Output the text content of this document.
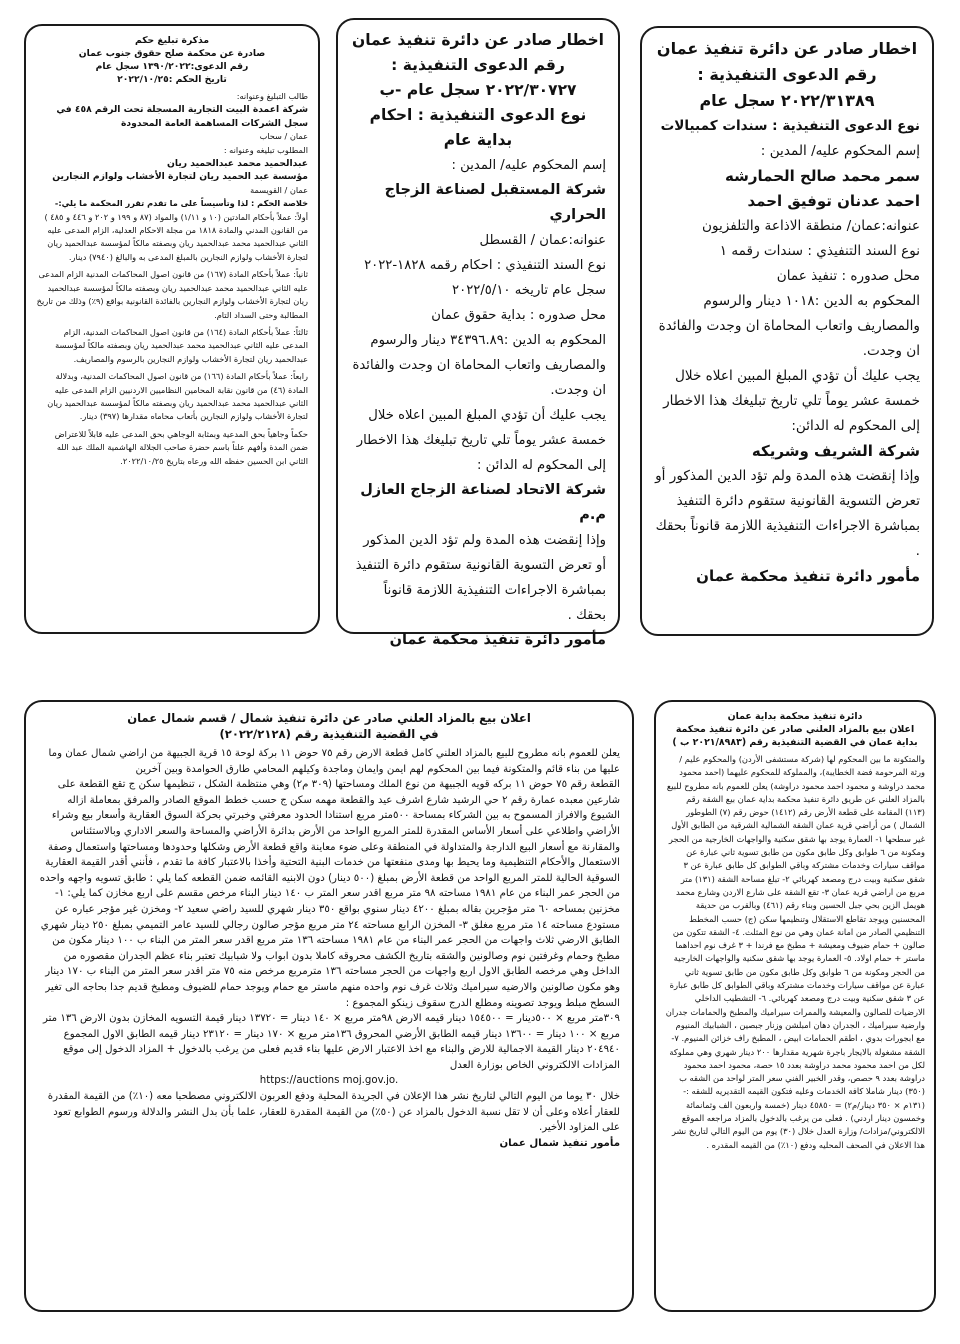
اخطار صادر عن دائرة تنفيذ عمان

رقم الدعوى التنفيذية :

٢٠٢٢/٣١٣٨٩ سجل عام

نوع الدعوى التنفيذية : سندات كمبيالات

إسم المحكوم عليه/ المدين :

سمر محمد صالح الحمارشه

احمد عدنان توفيق احمد

عنوانه:عمان/ منطقة الاذاعة والتلفزيون

نوع السند التنفيذي : سندات رقمه ١

محل صدوره : تنفيذ عمان

المحكوم به الدين :١٠١٨ دينار والرسوم والمصاريف واتعاب المحاماة ان وجدت والفائدة ان وجدت.

يجب عليك أن تؤدي المبلغ المبين اعلاه خلال خمسة عشر يوماً تلي تاريخ تبليغك هذا الاخطار إلى المحكوم له الدائن:

شركة الشريف وشريكه

وإذا إنقضت هذه المدة ولم تؤد الدين المذكور أو تعرض التسوية القانونية ستقوم دائرة التنفيذ بمباشرة الاجراءات التنفيذية اللازمة قانوناً بحقك .

مأمور دائرة تنفيذ محكمة عمان

اخطار صادر عن دائرة تنفيذ عمان

رقم الدعوى التنفيذية :

٢٠٢٢/٣٠٧٢٧ سجل عام -ب

نوع الدعوى التنفيذية : احكام بداية عام

إسم المحكوم عليه/ المدين :

شركة المستقبل لصناعة الزجاج الحراري

عنوانه:عمان / القسطل

نوع السند التنفيذي : احكام رقمه ١٨٢٨-٢٠٢٢ سجل عام تاريخه ٢٠٢٢/٥/١٠

محل صدوره : بداية حقوق عمان

المحكوم به الدين :٣٤٣٩٦.٨٩ دينار والرسوم والمصاريف واتعاب المحاماة ان وجدت والفائدة ان وجدت.

يجب عليك أن تؤدي المبلغ المبين اعلاه خلال خمسة عشر يوماً تلي تاريخ تبليغك هذا الاخطار إلى المحكوم له الدائن :

شركة الاتحاد لصناعة الزجاج العازل م.م

وإذا إنقضت هذه المدة ولم تؤد الدين المذكور أو تعرض التسوية القانونية ستقوم دائرة التنفيذ بمباشرة الاجراءات التنفيذية اللازمة قانوناً بحقك .

مأمور دائرة تنفيذ محكمة عمان

مذكرة تبليغ حكم

صادرة عن محكمة صلح حقوق جنوب عمان

رقم الدعوى:١٣٩٠/٢٠٢٢ سجل عام

تاريخ الحكم :٢٠٢٢/١٠/٢٥

طالب التبليغ وعنوانه:

شركة اعمدة البيت التجارية المسجلة تحت الرقم ٤٥٨ في سجل الشركات المساهمة العامة المحدودة

عمان / سحاب

المطلوب تبليغه وعنوانه :

عبدالحميد محمد عبدالحميد ريان

مؤسسة عبد الحميد ريان لتجارة الأخشاب ولوازم النجارين

عمان / القويسمة

خلاصة الحكم : لذا وتأسيساً على ما تقدم تقرر المحكمة ما يلي:-

أولاً: عملاً بأحكام المادتين (١٠ و ١/١١) والمواد (٨٧ و ١٩٩ و ٢٠٢ و ٤٤٦ و ٤٨٥ ) من القانون المدني والمادة ١٨١٨ من مجلة الاحكام العدلية، الزام المدعى عليه الثاني عبدالحميد محمد عبدالحميد ريان وبصفته مالكاً لمؤسسة عبدالحميد ريان لتجارة الأخشاب ولوازم النجارين بالمبلغ المدعى به والبالغ (٧٩٤٠) دينار.

ثانياً: عملاً بأحكام المادة (١٦٧) من قانون اصول المحاكمات المدنية الزام المدعى عليه الثاني عبدالحميد محمد عبدالحميد ريان وبصفته مالكاً لمؤسسة عبدالحميد ريان لتجارة الأخشاب ولوازم النجارين بالفائدة القانونية بواقع (٩٪) وذلك من تاريخ المطالبة وحتى السداد التام.

ثالثاً: عملاً بأحكام المادة (١٦٤) من قانون اصول المحاكمات المدنية، الزام المدعى عليه الثاني عبدالحميد محمد عبدالحميد ريان وبصفته مالكاً لمؤسسة عبدالحميد ريان لتجارة الأخشاب ولوازم النجارين بالرسوم والمصاريف.

رابعاً: عملاً بأحكام المادة (١٦٦) من قانون اصول المحاكمات المدنية، وبدلالة المادة (٤٦) من قانون نقابة المحامين النظاميين الاردنيين الزام المدعى عليه الثاني عبدالحميد محمد عبدالحميد ريان وبصفته مالكاً لمؤسسة عبدالحميد ريان لتجارة الأخشاب ولوازم النجارين بأتعاب محاماه مقدارها (٣٩٧) دينار.

حكماً وجاهياً بحق المدعية وبمثابة الوجاهي بحق المدعى عليه قابلاً للاعتراض ضمن المدة وأفهم علناً باسم حضرة صاحب الجلالة الهاشمية الملك عبد الله الثاني ابن الحسين حفظه الله ورعاه بتاريخ ٢٠٢٢/١٠/٢٥.

دائرة تنفيذ محكمة بداية عمان

اعلان بيع بالمزاد العلني صادر عن دائرة تنفيذ محكمة بداية عمان في القضية التنفيذية رقم (٢٠٢١/٨٩٨٣ ب )

والمتكونة ما بين المحكوم لها (شركة مستشفى الأردن) والمحكوم عليم /ورثة المرحومة فضة الخطايبة)، والمملوكة للمحكوم عليهما (احمد محمود محمد دراوشة و محمود احمد محمود دراوشة) يعلن للعموم بانه مطروح للبيع بالمزاد العلني عن طريق دائرة تنفيذ محكمة بداية عمان بيع الشقة رقم (١١٣) المقامة على قطعة الأرض رقم (١٤١٢) حوض رقم (٧) الطوطور الشمال ) من أراضي قرية عمان الشقة الشمالية الشرقية من الطابق الأول غير سطحها ١- العمارة يوجد بها شقق سكنية والواجهات الخارجية من الحجر ومكونة من ٦ طوابق وكل طابق مكون من طابق تسوية ثاني عبارة عن مواقف سيارات وخدمات مشتركة وباقي الطوابق كل طابق عبارة عن ٣ شقق سكنية وبيت درج ومصعد كهربائي ٢- تبلغ مساحة الشقة (١٣١) متر مربع من اراضي قرية عمان ٣- تقع الشقة على شارع الاردن وشارع محمد هويمل الزين بحي جبل الحسين وبناء رقم (٤٦١) وبالقرب من حديقة المحسنين ويوجد تقاطع الاستقلال وتنظيمها سكن (ج) حسب المخطط التنظيمي الصادر من امانة عمان وهي من نوع المثلث. ٤- الشقة تتكون من صالون + حمام ضيوف ومعيشة + مطبخ مع فرندا + ٣ غرف نوم احداهما ماستر + حمام اولاد. ٥- العمارة يوجد بها شقق سكنية والواجهات الخارجية من الحجر ومكونة من ٦ طوابق وكل طابق مكون من طابق تسوية ثاني عبارة عن مواقف سيارات وخدمات مشتركة وباقي الطوابق كل طابق عبارة عن ٣ شقق سكنية وبيت درج ومصعد كهربائي. ٦- التشطيب الداخلي الارضيات للصالون والمعيشة والممرات سيراميك والمطبخ والحمامات جدران وارضية سيراميك ، الجدران دهان امبلشن وزنار جبصين ، الشبابيك المنيوم مع ابجورات بدوي ، اطقم الحمامات ابيض ، المطبخ راف خزائن المنيوم. ٧- الشقة مشغولة بالايجار باجرة شهرية مقدارها ٢٠٠ دينار شهري وهي مملوكة لكل من احمد محمود محمد دراوشة بعدد ١٥ حصة، محمود احمد محمود دراوشة بعدد ٩ حصص، وقدر الخبير الفني سعر المتر لواحد من الشقه ب (٣٥٠) دينار شاملا كافة الخدمات وعليه فتكون القيمه التقديريه للشقه :- (١٣١م × ٣٥٠ دينار/م٢) = ٤٥٨٥٠ دينار (خمسة واربعون الف وثمانمائة وخمسون دينار اردني) . فعلى من يرغب بالدخول بالمزاد مراجعه الموقع الالكتروني/مزادات/ وزارة العدل خلال (٣٠) يوم من اليوم التالي لتاريخ نشر هذا الاعلان في الصحف المحليه ودفع (١٠٪) من القيمه المقدره .

اعلان بيع بالمزاد العلني صادر عن دائرة تنفيذ شمال / قسم شمال عمان

في القضية التنفيذية رقم (٢٠٢٢/٢١٢٨)

يعلن للعموم بانه مطروح للبيع بالمزاد العلني كامل قطعة الارض رقم ٧٥ حوض ١١ بركة لوحة ١٥ قرية الجبيهة من اراضي شمال عمان وما عليها من بناء قائم والمتكونة فيما بين المحكوم لهم ايمن وايمان وماجدة وكيلهم المحامي طارق الحوامدة وبين آخرين

القطعة رقم ٧٥ حوض ١١ بركه قويه الجبيهة من نوع الملك ومساحتها (٣٠٩ م٢) وهي منتظمة الشكل ، تنظيمها سكن ج تقع القطعة على شارعين معبده عمارة رقم ٢ حي الرشيد شارع اشرف عيد والقطعة مهمه سكن ج حسب خطط الموقع الصادر والمرفق بمعاملة ازاله الشيوع والافراز المسموح به بين الشركاء بمساحة ٥٠٠متر مربع استنادا الحدود معرفتي وخبرتي بحركة السوق العقارية وأسعار بيع وشراء الأراضي واطلاعي على أسعار الأساس المقدرة للمتر المربع الواحد من الأرض بدائرة الأراضي والمساحة والسعر الاداري وبالاستئناس والمقارنة مع أسعار البيع الدارجة والمتداولة في المنطقة وعلى ضوء معاينة واقع قطعة الأرض وشكلها وحدودها ومساحتها واستعمال وصفة الاستعمال والأحكام التنظيمية وما يحيط بها ومدى منفعتها من خدمات البنية التحتية وأخذا بالاعتبار كافة ما تقدم ، فأنني أقدر القيمة العقارية السوقية الحالية للمتر المربع الواحد من قطعة الأرض بمبلغ (٥٠٠ دينار) دون الابنيه القائمه ضمن القطعه كما يلي : طابق تسويه واجهه واحده من الحجر عمر البناء من عام ١٩٨١ مساحته ٩٨ متر مربع اقدر سعر المتر ب ١٤٠ دينار البناء مرخص مقسم على اربع مخازن كما يلي: ١- مخزنين بمساحه ٦٠ متر مؤجرين بقاله بمبلغ ٤٢٠٠ دينار سنوي بواقع ٣٥٠ دينار شهري للسيد راضي سعيد ٢- ومخزن غير مؤجر عباره عن مستودع مساحته ١٤ متر مربع مغلق ٣- المخزن الرابع مساحته ٢٤ متر مربع مؤجر صالون رجالي للسيد عامر التميمي بمبلغ ٢٥٠ دينار شهري الطابق الارضي ثلاث واجهات من الحجر عمر البناء من عام ١٩٨١ مساحته ١٣٦ متر مربع اقدر سعر المتر من البناء ب ١٠٠ دينار مكون من مطبخ وحمام وغرفتين نوم وصالونين والشقه بتاريخ الكشف محروقه كاملا بدون ابواب ولا شبابيك تعتبر بناء عظم الجدران مقصوره من الداخل وهي مرخصه الطابق الاول اربع واجهات من الحجر مساحته ١٣٦ مترمربع مرخص منه ٧٥ متر اقدر سعر المتر من البناء ب ١٧٠ دينار وهو مكون صالونين والارضيه سيراميك وثلاث غرف نوم واحده منهم ماستر مع حمام ويوجد حمام للضيوف ومطبخ قديم جدا بحاجه الى تغير السطح مبلط ويوجد تصوينه ومطلع الدرج سقوف زينكو المجموع :

٣٠٩متر مربع × ٥٠٠دينار = ١٥٤٥٠٠ دينار قيمه الارض ٩٨متر مربع × ١٤٠ دينار = ١٣٧٢٠ دينار قيمة التسويه المخازن بدون الارض ١٣٦ متر مربع × ١٠٠ دينار = ١٣٦٠٠ دينار قيمه الطابق الأرضي المحروق ١٣٦متر مربع × ١٧٠ دينار = ٢٣١٢٠ دينار قيمه الطابق الاول المجموع ٢٠٤٩٤٠ دينار القيمة الاجمالية للارض والبناء مع اخذ الاعتبار الارض عليها بناء قديم فعلى من يرغب بالدخول + المزاد الدخول إلى موقع المزادات الالكتروني الخاص بوزارة العدل

https://auctions moj.gov.jo.

خلال ٣٠ يوما من اليوم التالي لتاريخ نشر هذا الإعلان في الجريدة المحلية ودفع العربون الالكتروني مصطحبا معه (١٠٪) من القيمة المقدرة للعقار أعلاه وعلى أن لا تقل نسبة الدخول بالمزاد عن (٥٠٪) من القيمة المقدرة للعقار، علما بأن بدل النشر والدلالة ورسوم الطوابع تعود على المزاود الأخير.

مأمور تنفيذ شمال عمان
